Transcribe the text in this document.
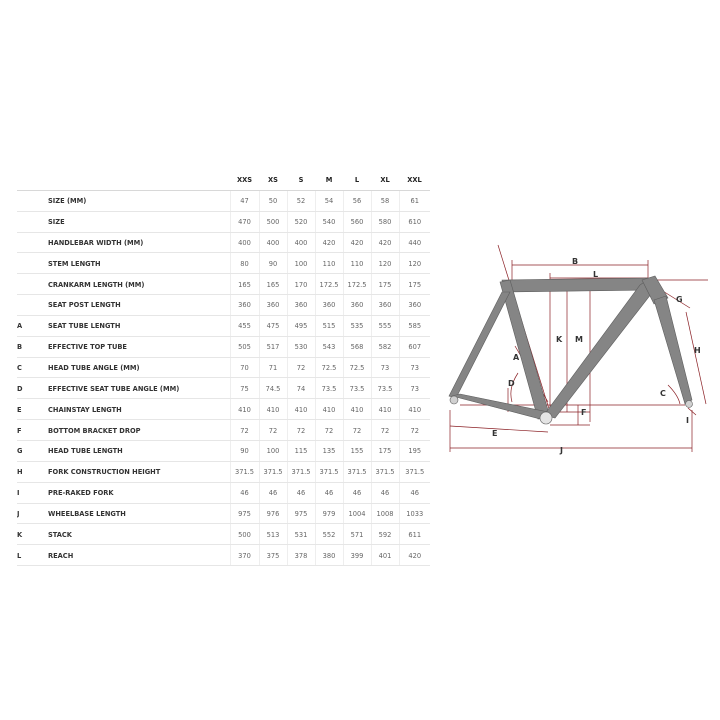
		XXS	XS	S	M	L	XL	XXL
	SIZE (MM)	47	50	52	54	56	58	61
	SIZE	470	500	520	540	560	580	610
	HANDLEBAR WIDTH (MM)	400	400	400	420	420	420	440
	STEM LENGTH	80	90	100	110	110	120	120
	CRANKARM LENGTH (MM)	165	165	170	172.5	172.5	175	175
	SEAT POST LENGTH	360	360	360	360	360	360	360
A	SEAT TUBE LENGTH	455	475	495	515	535	555	585
B	EFFECTIVE TOP TUBE	505	517	530	543	568	582	607
C	HEAD TUBE ANGLE (MM)	70	71	72	72.5	72.5	73	73
D	EFFECTIVE SEAT TUBE ANGLE (MM)	75	74.5	74	73.5	73.5	73.5	73
E	CHAINSTAY LENGTH	410	410	410	410	410	410	410
F	BOTTOM BRACKET DROP	72	72	72	72	72	72	72
G	HEAD TUBE LENGTH	90	100	115	135	155	175	195
H	FORK CONSTRUCTION HEIGHT	371.5	371.5	371.5	371.5	371.5	371.5	371.5
I	PRE-RAKED FORK	46	46	46	46	46	46	46
J	WHEELBASE LENGTH	975	976	975	979	1004	1008	1033
K	STACK	500	513	531	552	571	592	611
L	REACH	370	375	378	380	399	401	420
B
L
K M
A
D
F
E
J
G
H
C
I
